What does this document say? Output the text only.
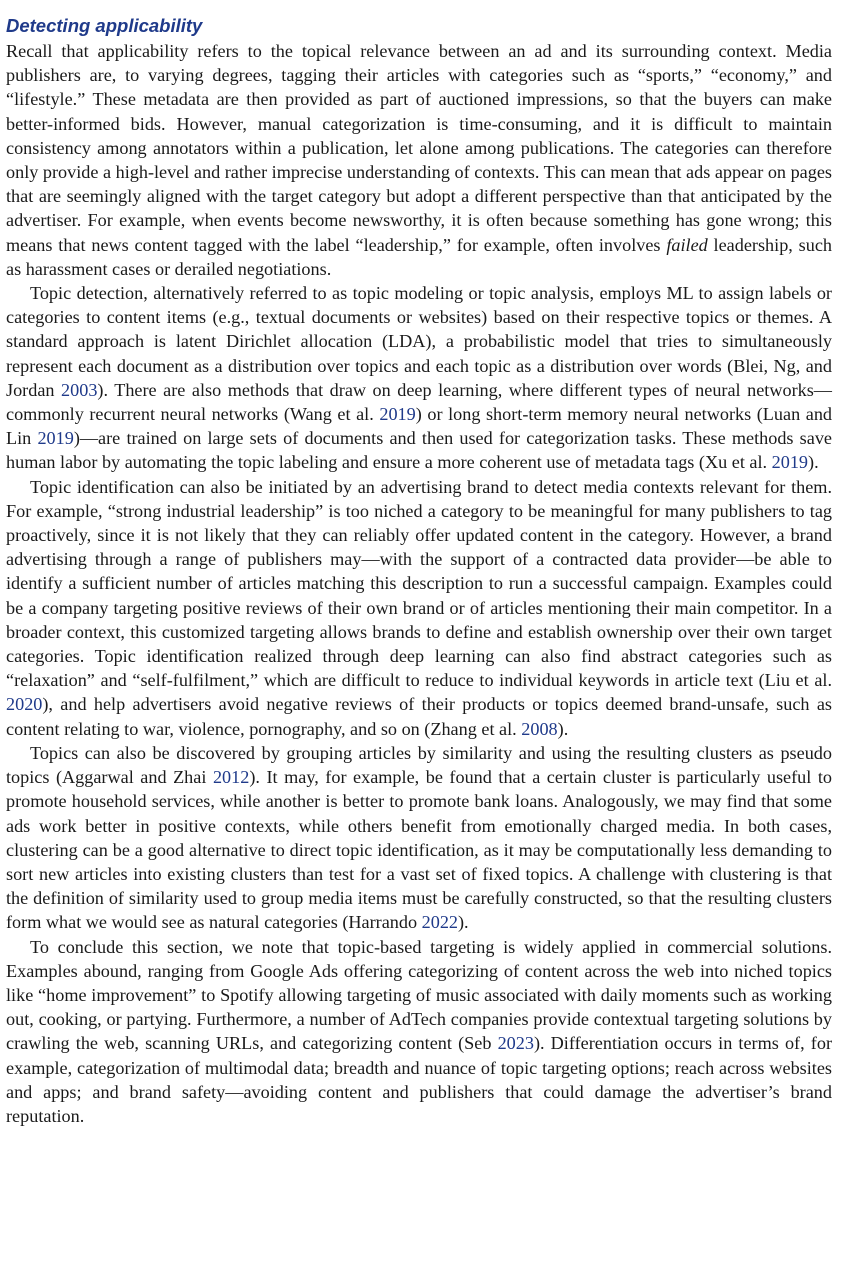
Detecting applicability

Recall that applicability refers to the topical relevance between an ad and its surrounding context. Media publishers are, to varying degrees, tagging their articles with categories such as “sports,” “economy,” and “lifestyle.” These metadata are then provided as part of auctioned impressions, so that the buyers can make better-informed bids. However, manual categorization is time-consuming, and it is difficult to maintain consistency among annotators within a publication, let alone among publications. The categories can therefore only provide a high-level and rather imprecise understanding of contexts. This can mean that ads appear on pages that are seemingly aligned with the target category but adopt a different perspective than that anticipated by the advertiser. For example, when events become newsworthy, it is often because something has gone wrong; this means that news content tagged with the label “leadership,” for example, often involves failed leadership, such as harassment cases or derailed negotiations.

Topic detection, alternatively referred to as topic modeling or topic analysis, employs ML to assign labels or categories to content items (e.g., textual documents or websites) based on their respective topics or themes. A standard approach is latent Dirichlet allocation (LDA), a probabilistic model that tries to simultaneously represent each document as a distribution over topics and each topic as a distribution over words (Blei, Ng, and Jordan 2003). There are also methods that draw on deep learning, where different types of neural networks—commonly recurrent neural networks (Wang et al. 2019) or long short-term memory neural networks (Luan and Lin 2019)—are trained on large sets of documents and then used for categorization tasks. These methods save human labor by automating the topic labeling and ensure a more coherent use of metadata tags (Xu et al. 2019).

Topic identification can also be initiated by an advertising brand to detect media contexts relevant for them. For example, “strong industrial leadership” is too niched a category to be meaningful for many publishers to tag proactively, since it is not likely that they can reliably offer updated content in the category. However, a brand advertising through a range of publishers may—with the support of a contracted data provider—be able to identify a sufficient number of articles matching this description to run a successful campaign. Examples could be a company targeting positive reviews of their own brand or of articles mentioning their main competitor. In a broader context, this customized targeting allows brands to define and establish ownership over their own target categories. Topic identification realized through deep learning can also find abstract categories such as “relaxation” and “self-fulfilment,” which are difficult to reduce to individual keywords in article text (Liu et al. 2020), and help advertisers avoid negative reviews of their products or topics deemed brand-unsafe, such as content relating to war, violence, pornography, and so on (Zhang et al. 2008).

Topics can also be discovered by grouping articles by similarity and using the resulting clusters as pseudo topics (Aggarwal and Zhai 2012). It may, for example, be found that a certain cluster is particularly useful to promote household services, while another is better to promote bank loans. Analogously, we may find that some ads work better in positive contexts, while others benefit from emotionally charged media. In both cases, clustering can be a good alternative to direct topic identification, as it may be computationally less demanding to sort new articles into existing clusters than test for a vast set of fixed topics. A challenge with clustering is that the definition of similarity used to group media items must be carefully constructed, so that the resulting clusters form what we would see as natural categories (Harrando 2022).

To conclude this section, we note that topic-based targeting is widely applied in commercial solutions. Examples abound, ranging from Google Ads offering categorizing of content across the web into niched topics like “home improvement” to Spotify allowing targeting of music associated with daily moments such as working out, cooking, or partying. Furthermore, a number of AdTech companies provide contextual targeting solutions by crawling the web, scanning URLs, and categorizing content (Seb 2023). Differentiation occurs in terms of, for example, categorization of multimodal data; breadth and nuance of topic targeting options; reach across websites and apps; and brand safety—avoiding content and publishers that could damage the advertiser’s brand reputation.
